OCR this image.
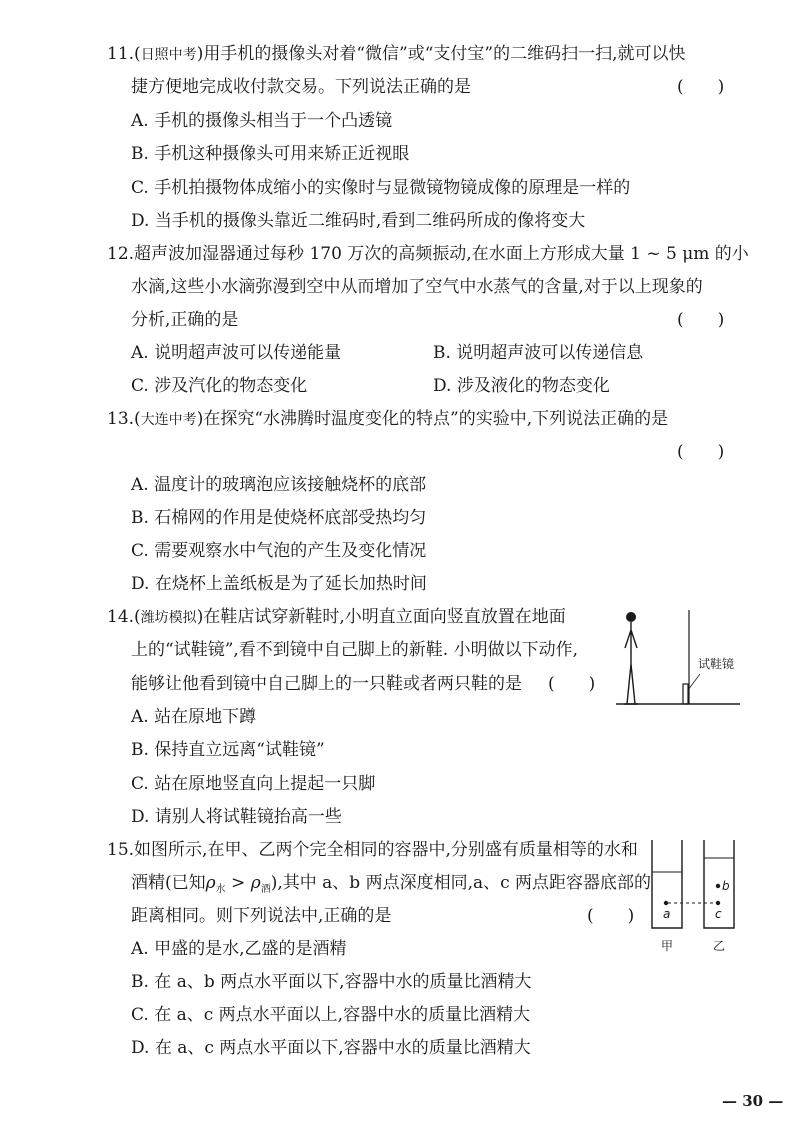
11.(日照中考)用手机的摄像头对着“微信”或“支付宝”的二维码扫一扫,就可以快
捷方便地完成收付款交易。下列说法正确的是	(　　)
A. 手机的摄像头相当于一个凸透镜
B. 手机这种摄像头可用来矫正近视眼
C. 手机拍摄物体成缩小的实像时与显微镜物镜成像的原理是一样的
D. 当手机的摄像头靠近二维码时,看到二维码所成的像将变大
12.超声波加湿器通过每秒 170 万次的高频振动,在水面上方形成大量 1 ~ 5 μm 的小
水滴,这些小水滴弥漫到空中从而增加了空气中水蒸气的含量,对于以上现象的
分析,正确的是	(　　)
A. 说明超声波可以传递能量	B. 说明超声波可以传递信息
C. 涉及汽化的物态变化	D. 涉及液化的物态变化
13.(大连中考)在探究“水沸腾时温度变化的特点”的实验中,下列说法正确的是
(　　)
A. 温度计的玻璃泡应该接触烧杯的底部
B. 石棉网的作用是使烧杯底部受热均匀
C. 需要观察水中气泡的产生及变化情况
D. 在烧杯上盖纸板是为了延长加热时间
14.(潍坊模拟)在鞋店试穿新鞋时,小明直立面向竖直放置在地面
上的“试鞋镜”,看不到镜中自己脚上的新鞋. 小明做以下动作,
能够让他看到镜中自己脚上的一只鞋或者两只鞋的是 (　　)
A. 站在原地下蹲
B. 保持直立远离“试鞋镜”
C. 站在原地竖直向上提起一只脚
D. 请别人将试鞋镜抬高一些
试鞋镜
15.如图所示,在甲、乙两个完全相同的容器中,分别盛有质量相等的水和
酒精(已知$\rho_水 > \rho_酒$),其中 a、b 两点深度相同,a、c 两点距容器底部的
距离相同。则下列说法中,正确的是	(　　)
A. 甲盛的是水,乙盛的是酒精
B. 在 a、b 两点水平面以下,容器中水的质量比酒精大
C. 在 a、c 两点水平面以上,容器中水的质量比酒精大
D. 在 a、c 两点水平面以下,容器中水的质量比酒精大
a
b
c
甲	乙
— 30 —
